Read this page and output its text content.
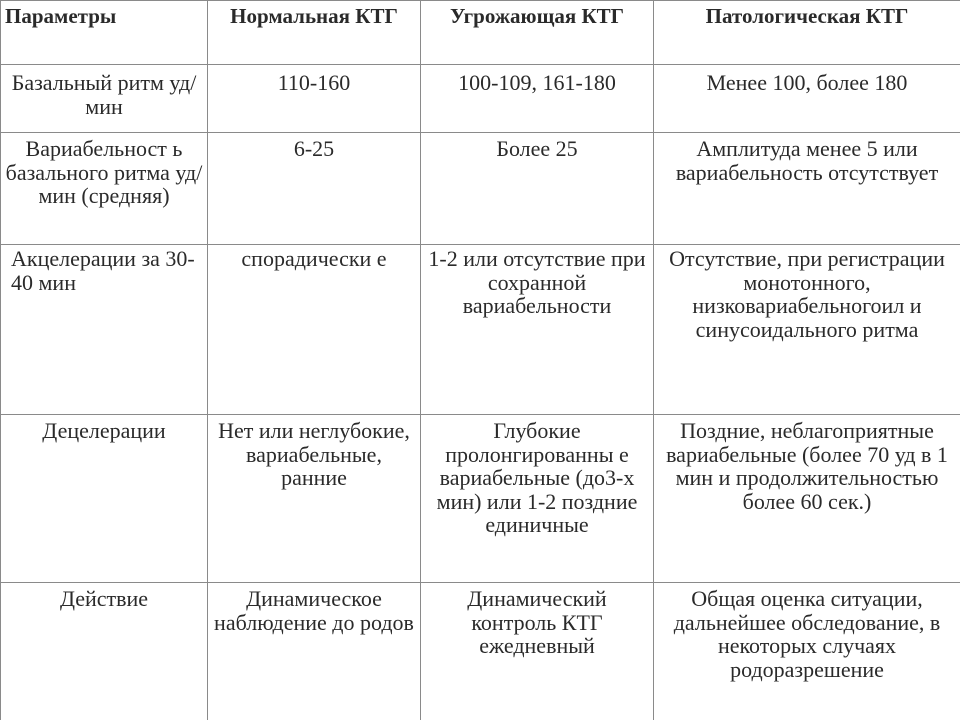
Параметры	Нормальная КТГ	Угрожающая КТГ	Патологическая КТГ
Базальный ритм уд/мин	110-160	100-109, 161-180	Менее 100, более 180
Вариабельност ь базального ритма уд/мин (средняя)	6-25	Более 25	Амплитуда менее 5 или вариабельность отсутствует
Акцелерации за 30-40 мин	спорадически е	1-2 или отсутствие при сохранной вариабельности	Отсутствие, при регистрации монотонного, низковариабельногоил и синусоидального ритма
Децелерации	Нет или неглубокие, вариабельные, ранние	Глубокие пролонгированны е вариабельные (до3-х мин) или 1-2 поздние единичные	Поздние, неблагоприятные вариабельные (более 70 уд в 1 мин и продолжительностью более 60 сек.)
Действие	Динамическое наблюдение до родов	Динамический контроль КТГ ежедневный	Общая оценка ситуации, дальнейшее обследование, в некоторых случаях родоразрешение
